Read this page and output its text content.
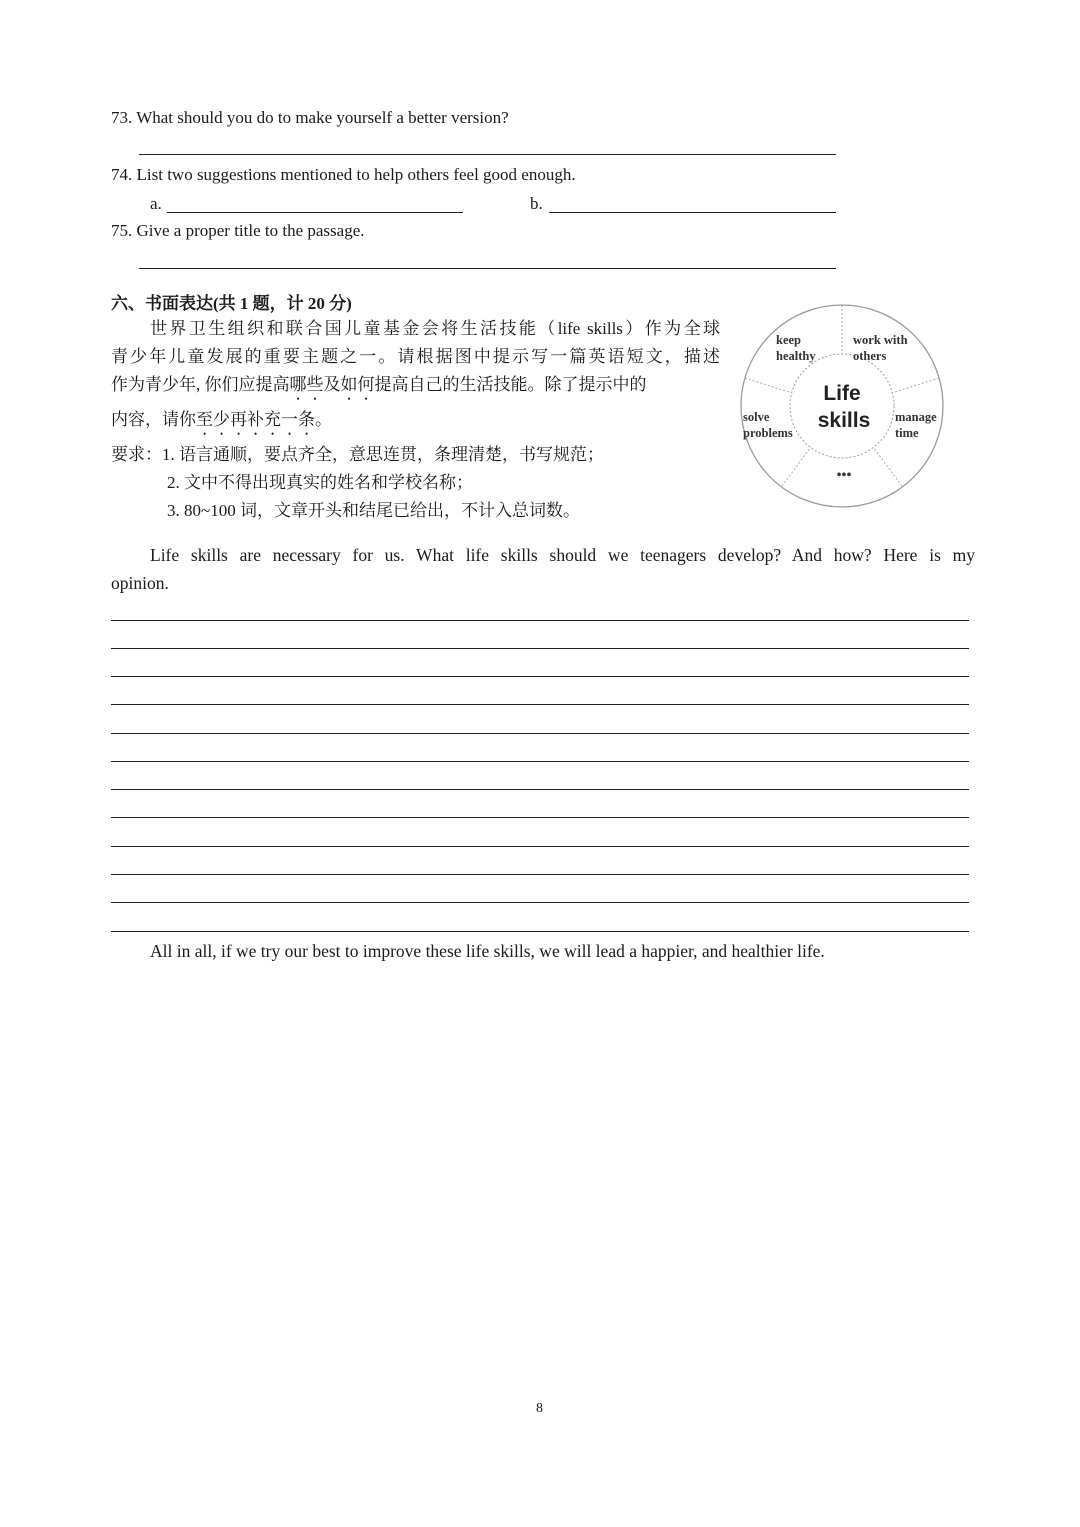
73. What should you do to make yourself a better version?
74. List two suggestions mentioned to help others feel good enough.
a.	b.
75. Give a proper title to the passage.
六、书面表达(共 1 题，计 20 分)
世界卫生组织和联合国儿童基金会将生活技能（life skills）作为全球
青少年儿童发展的重要主题之一。请根据图中提示写一篇英语短文，描述
作为青少年, 你们应提高哪些及如何提高自己的生活技能。除了提示中的
内容，请你至少再补充一条。
要求：1. 语言通顺，要点齐全，意思连贯，条理清楚，书写规范；
2. 文中不得出现真实的姓名和学校名称；
3. 80~100 词，文章开头和结尾已给出，不计入总词数。
Life
skills
keep
healthy
work with
others
solve
problems
manage
time
•••
Life skills are necessary for us. What life skills should we teenagers develop? And how? Here is my
opinion.
All in all, if we try our best to improve these life skills, we will lead a happier, and healthier life.
8
